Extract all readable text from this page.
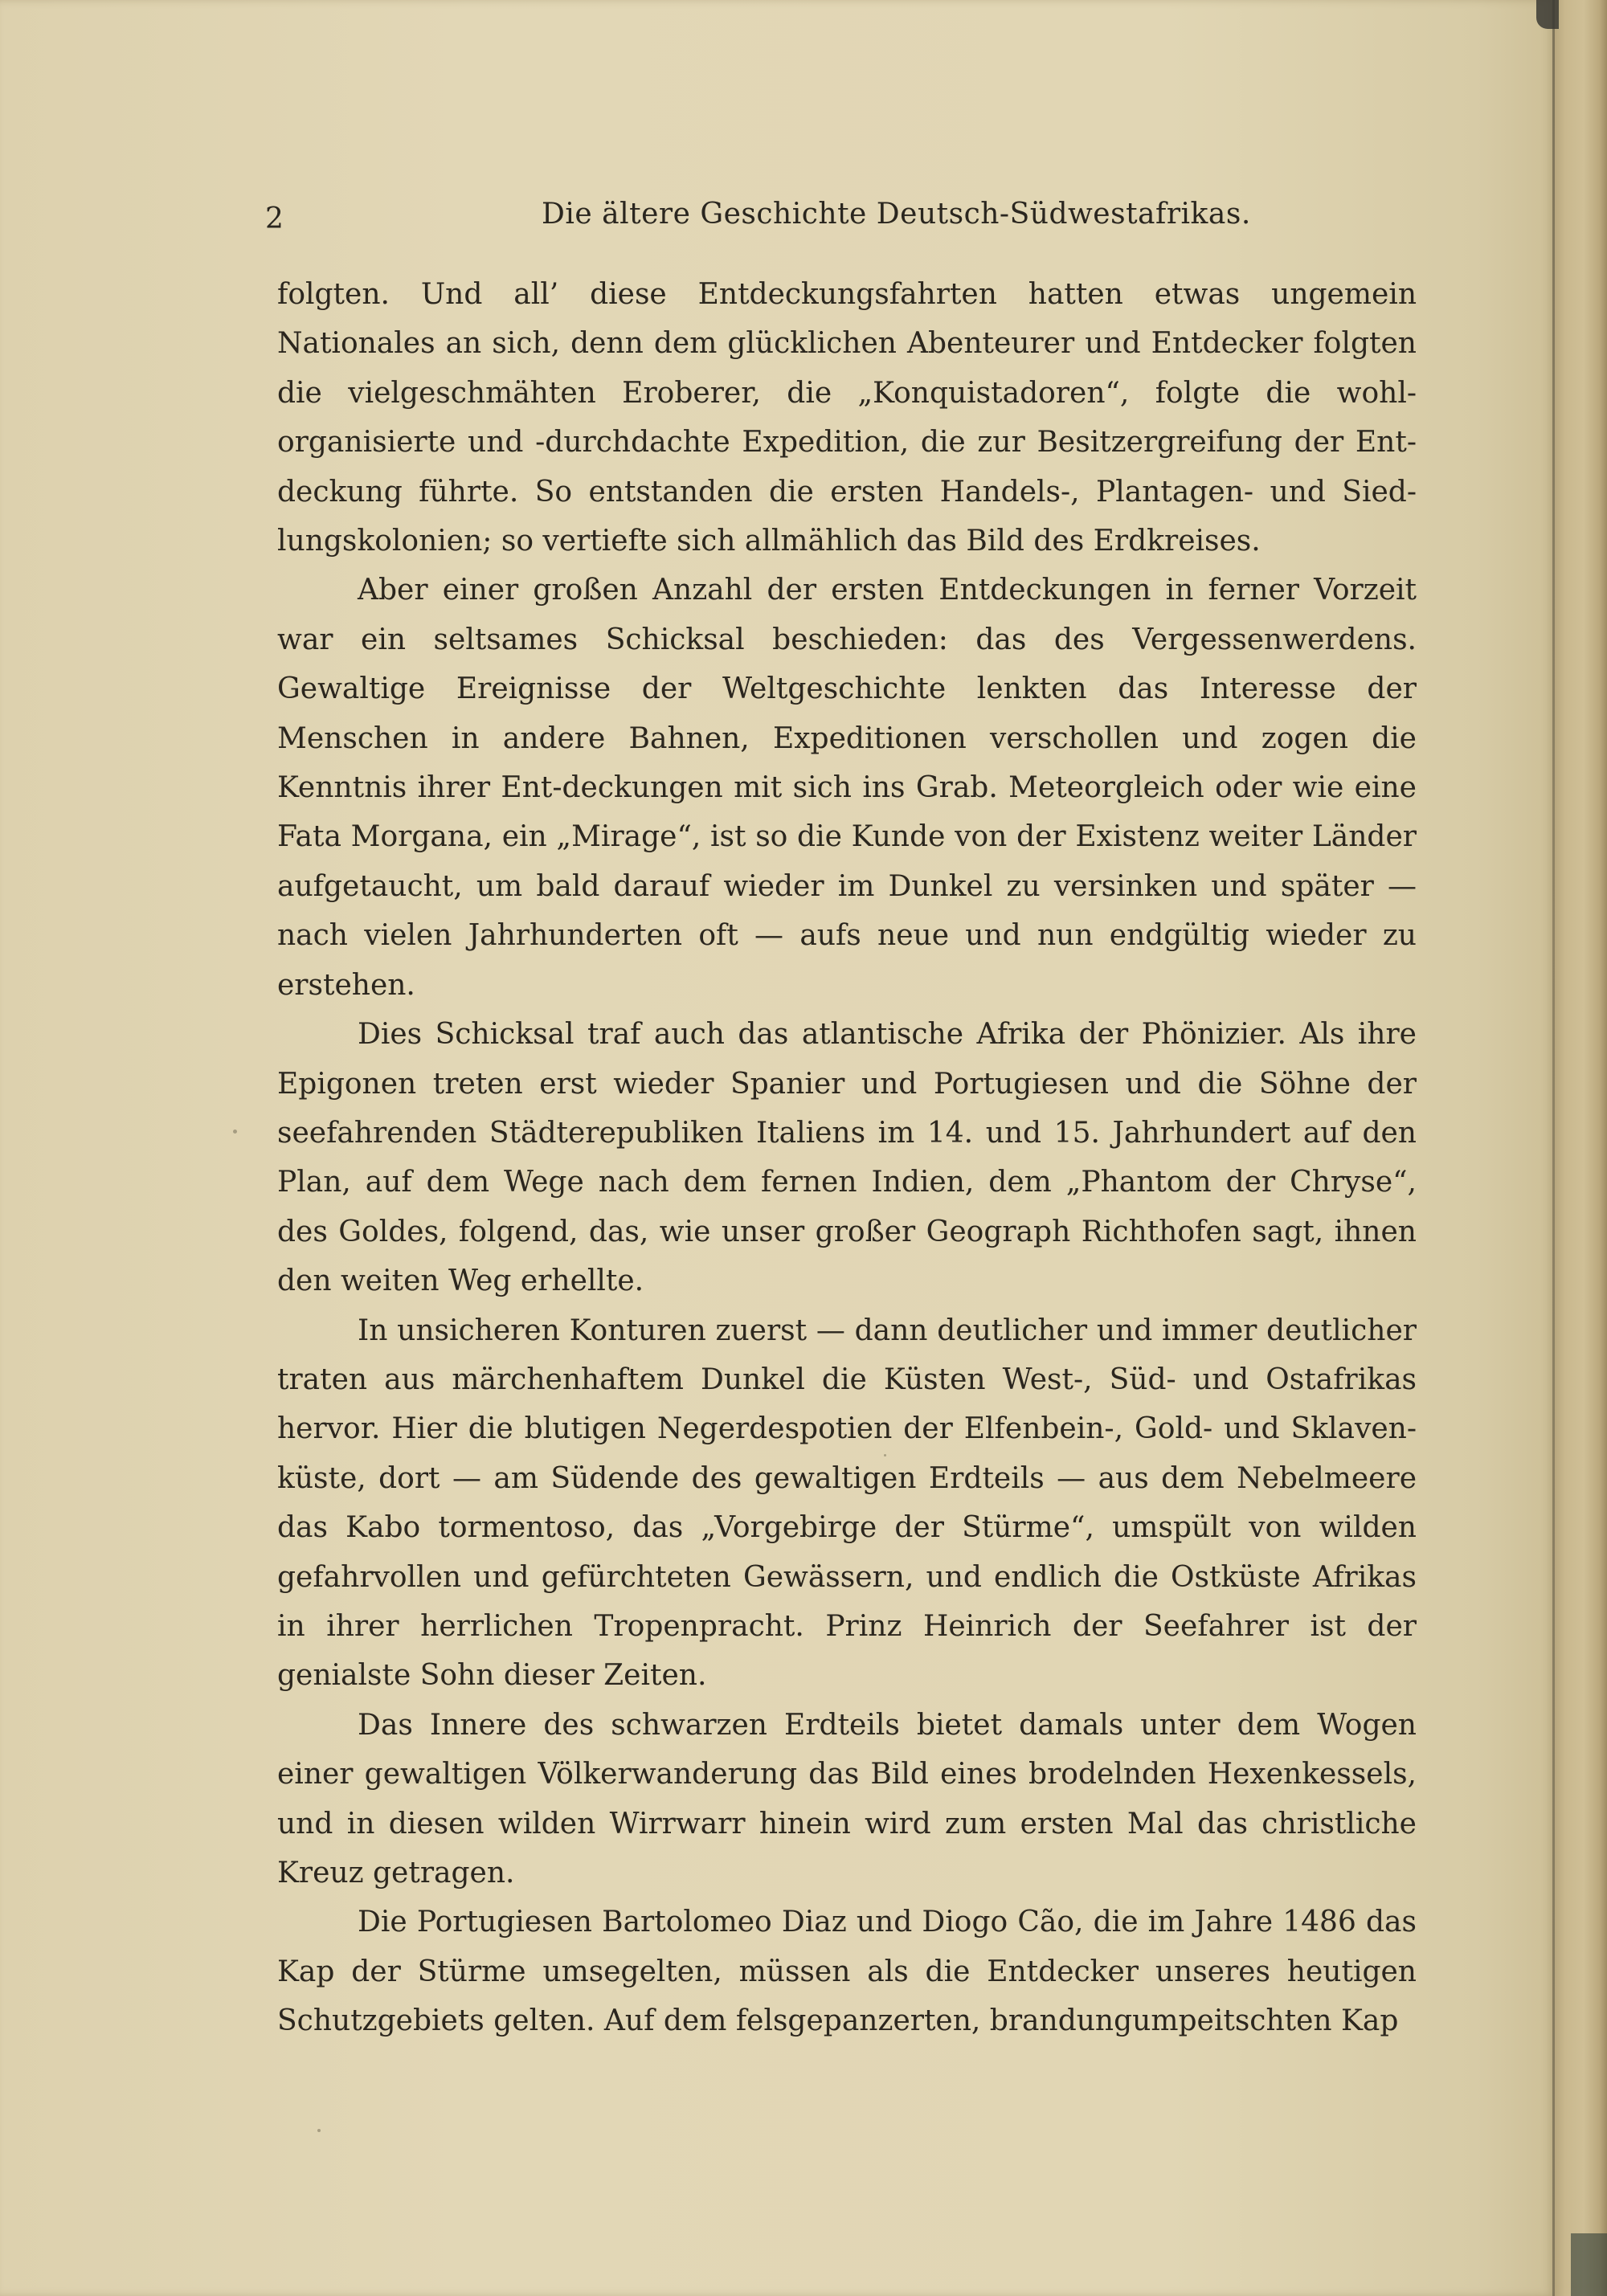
2	Die ältere Geschichte Deutsch-Südwestafrikas.

folgten. Und all’ diese Entdeckungsfahrten hatten etwas ungemein Nationales an sich, denn dem glücklichen Abenteurer und Entdecker folgten die vielgeschmähten Eroberer, die „Konquistadoren“, folgte die wohl-organisierte und -durchdachte Expedition, die zur Besitzergreifung der Ent-deckung führte. So entstanden die ersten Handels-, Plantagen- und Sied-lungskolonien; so vertiefte sich allmählich das Bild des Erdkreises.

Aber einer großen Anzahl der ersten Entdeckungen in ferner Vorzeit war ein seltsames Schicksal beschieden: das des Vergessenwerdens. Gewaltige Ereignisse der Weltgeschichte lenkten das Interesse der Menschen in andere Bahnen, Expeditionen verschollen und zogen die Kenntnis ihrer Ent-deckungen mit sich ins Grab. Meteorgleich oder wie eine Fata Morgana, ein „Mirage“, ist so die Kunde von der Existenz weiter Länder aufgetaucht, um bald darauf wieder im Dunkel zu versinken und später — nach vielen Jahrhunderten oft — aufs neue und nun endgültig wieder zu erstehen.

Dies Schicksal traf auch das atlantische Afrika der Phönizier. Als ihre Epigonen treten erst wieder Spanier und Portugiesen und die Söhne der seefahrenden Städterepubliken Italiens im 14. und 15. Jahrhundert auf den Plan, auf dem Wege nach dem fernen Indien, dem „Phantom der Chryse“, des Goldes, folgend, das, wie unser großer Geograph Richthofen sagt, ihnen den weiten Weg erhellte.

In unsicheren Konturen zuerst — dann deutlicher und immer deutlicher traten aus märchenhaftem Dunkel die Küsten West-, Süd- und Ostafrikas hervor. Hier die blutigen Negerdespotien der Elfenbein-, Gold- und Sklaven-küste, dort — am Südende des gewaltigen Erdteils — aus dem Nebelmeere das Kabo tormentoso, das „Vorgebirge der Stürme“, umspült von wilden gefahrvollen und gefürchteten Gewässern, und endlich die Ostküste Afrikas in ihrer herrlichen Tropenpracht. Prinz Heinrich der Seefahrer ist der genialste Sohn dieser Zeiten.

Das Innere des schwarzen Erdteils bietet damals unter dem Wogen einer gewaltigen Völkerwanderung das Bild eines brodelnden Hexenkessels, und in diesen wilden Wirrwarr hinein wird zum ersten Mal das christliche Kreuz getragen.

Die Portugiesen Bartolomeo Diaz und Diogo Cão, die im Jahre 1486 das Kap der Stürme umsegelten, müssen als die Entdecker unseres heutigen Schutzgebiets gelten. Auf dem felsgepanzerten, brandungumpeitschten Kap
